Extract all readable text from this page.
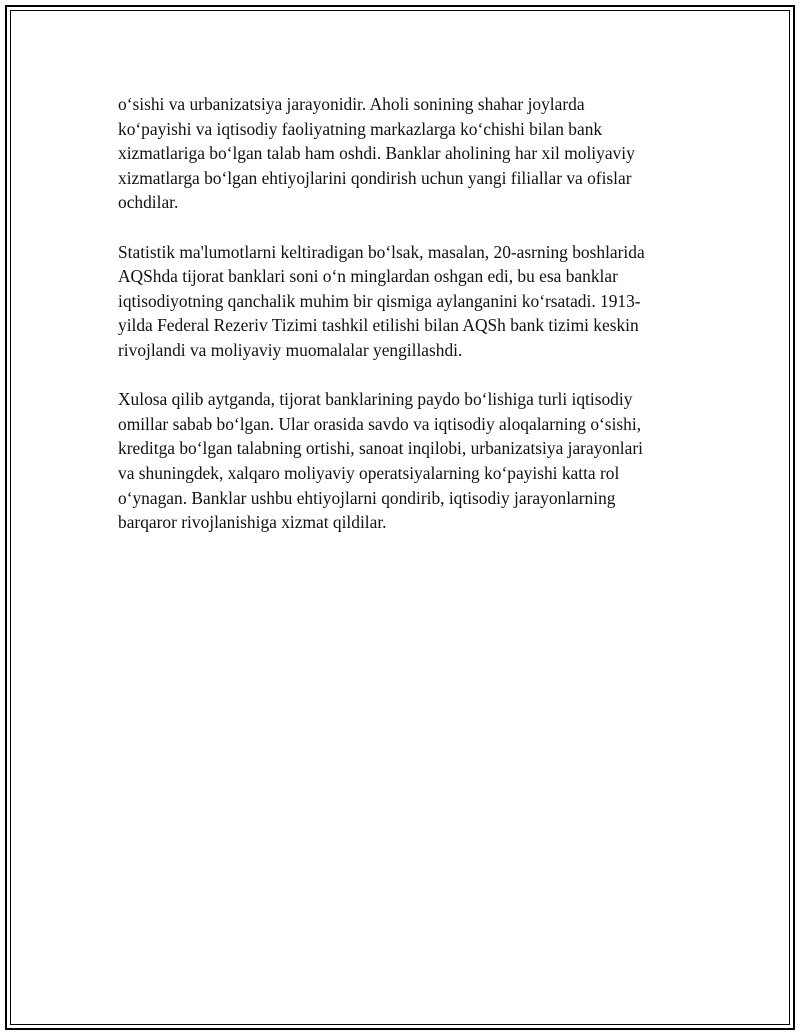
oʻsishi va urbanizatsiya jarayonidir. Aholi sonining shahar joylarda
koʻpayishi va iqtisodiy faoliyatning markazlarga koʻchishi bilan bank
xizmatlariga boʻlgan talab ham oshdi. Banklar aholining har xil moliyaviy
xizmatlarga boʻlgan ehtiyojlarini qondirish uchun yangi filiallar va ofislar
ochdilar.

Statistik ma'lumotlarni keltiradigan boʻlsak, masalan, 20-asrning boshlarida
AQShda tijorat banklari soni oʻn minglardan oshgan edi, bu esa banklar
iqtisodiyotning qanchalik muhim bir qismiga aylanganini koʻrsatadi. 1913-
yilda Federal Rezeriv Tizimi tashkil etilishi bilan AQSh bank tizimi keskin
rivojlandi va moliyaviy muomalalar yengillashdi.

Xulosa qilib aytganda, tijorat banklarining paydo boʻlishiga turli iqtisodiy
omillar sabab boʻlgan. Ular orasida savdo va iqtisodiy aloqalarning oʻsishi,
kreditga boʻlgan talabning ortishi, sanoat inqilobi, urbanizatsiya jarayonlari
va shuningdek, xalqaro moliyaviy operatsiyalarning koʻpayishi katta rol
oʻynagan. Banklar ushbu ehtiyojlarni qondirib, iqtisodiy jarayonlarning
barqaror rivojlanishiga xizmat qildilar.
